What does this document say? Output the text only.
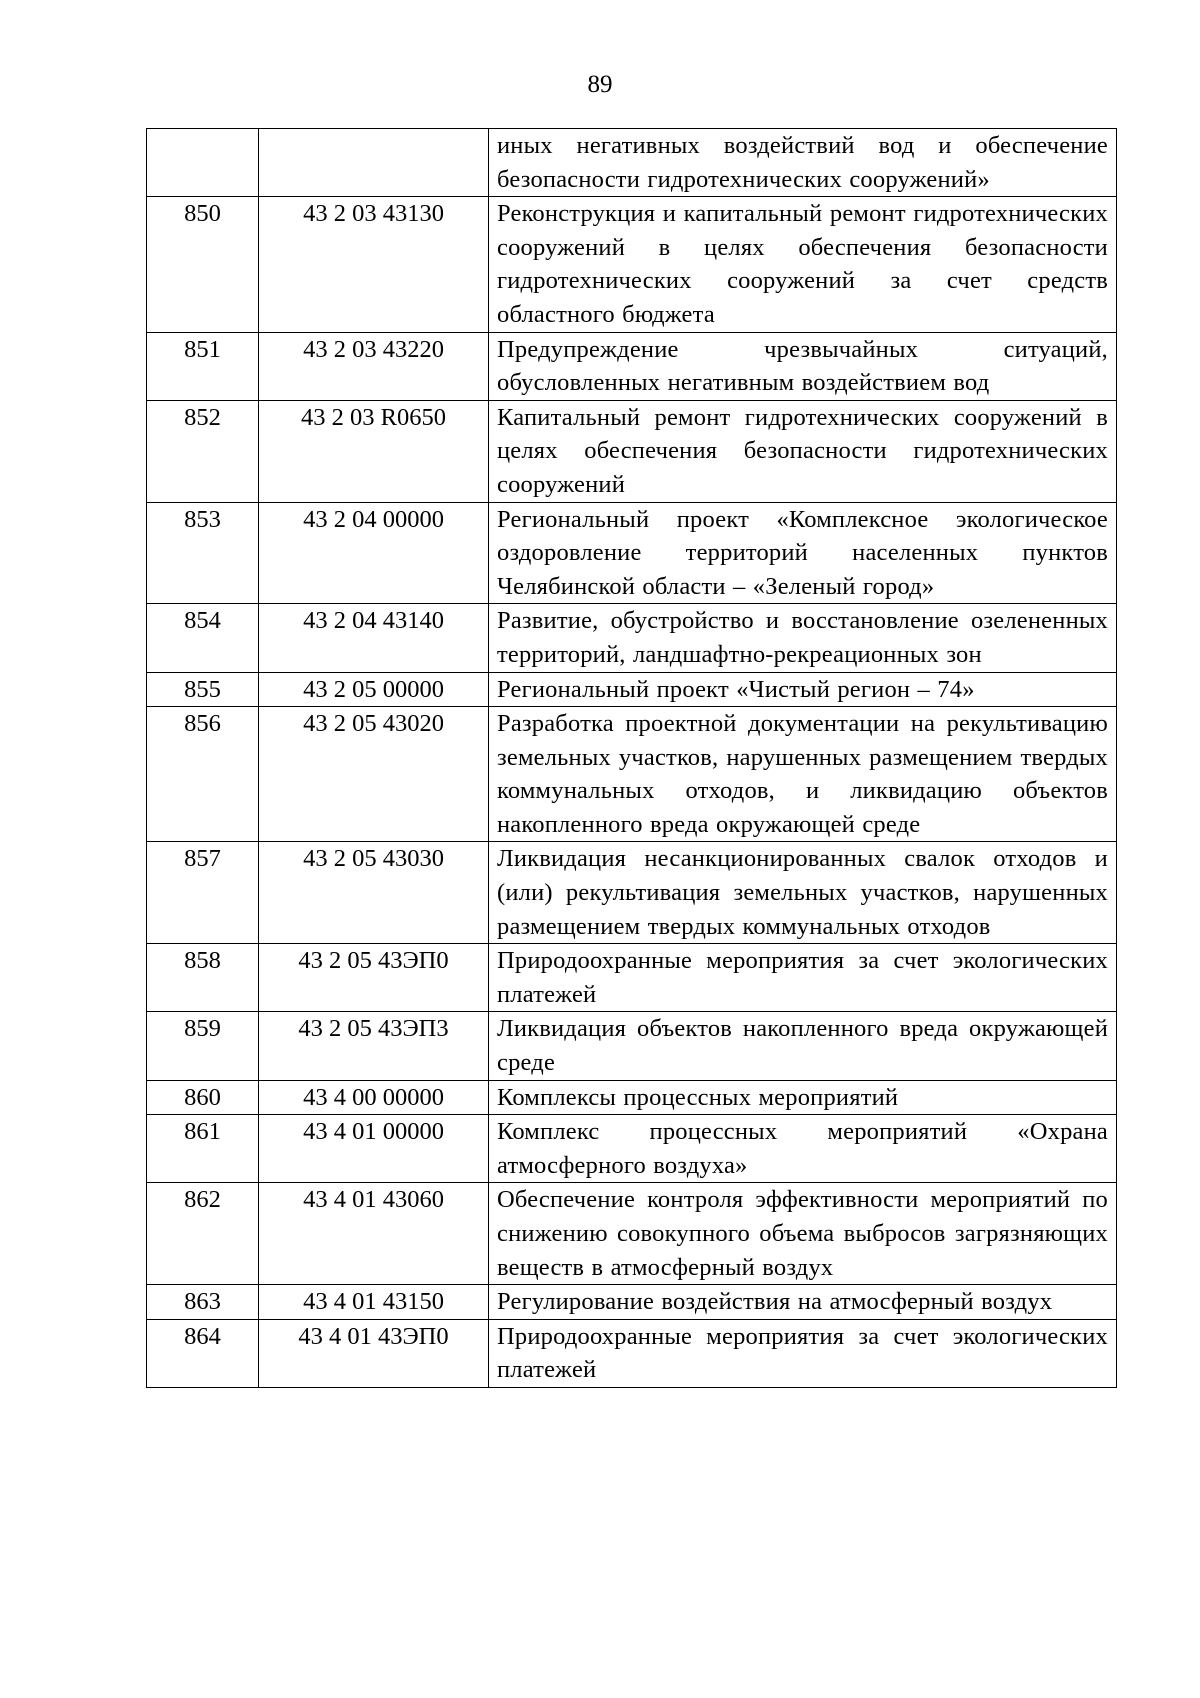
89
		иных негативных воздействий вод и обеспечение безопасности гидротехнических сооружений»
850	43 2 03 43130	Реконструкция и капитальный ремонт гидротехнических сооружений в целях обеспечения безопасности гидротехнических сооружений за счет средств областного бюджета
851	43 2 03 43220	Предупреждение чрезвычайных ситуаций, обусловленных негативным воздействием вод
852	43 2 03 R0650	Капитальный ремонт гидротехнических сооружений в целях обеспечения безопасности гидротехнических сооружений
853	43 2 04 00000	Региональный проект «Комплексное экологическое оздоровление территорий населенных пунктов Челябинской области – «Зеленый город»
854	43 2 04 43140	Развитие, обустройство и восстановление озелененных территорий, ландшафтно-рекреационных зон
855	43 2 05 00000	Региональный проект «Чистый регион – 74»
856	43 2 05 43020	Разработка проектной документации на рекультивацию земельных участков, нарушенных размещением твердых коммунальных отходов, и ликвидацию объектов накопленного вреда окружающей среде
857	43 2 05 43030	Ликвидация несанкционированных свалок отходов и (или) рекультивация земельных участков, нарушенных размещением твердых коммунальных отходов
858	43 2 05 43ЭП0	Природоохранные мероприятия за счет экологических платежей
859	43 2 05 43ЭП3	Ликвидация объектов накопленного вреда окружающей среде
860	43 4 00 00000	Комплексы процессных мероприятий
861	43 4 01 00000	Комплекс процессных мероприятий «Охрана атмосферного воздуха»
862	43 4 01 43060	Обеспечение контроля эффективности мероприятий по снижению совокупного объема выбросов загрязняющих веществ в атмосферный воздух
863	43 4 01 43150	Регулирование воздействия на атмосферный воздух
864	43 4 01 43ЭП0	Природоохранные мероприятия за счет экологических платежей
